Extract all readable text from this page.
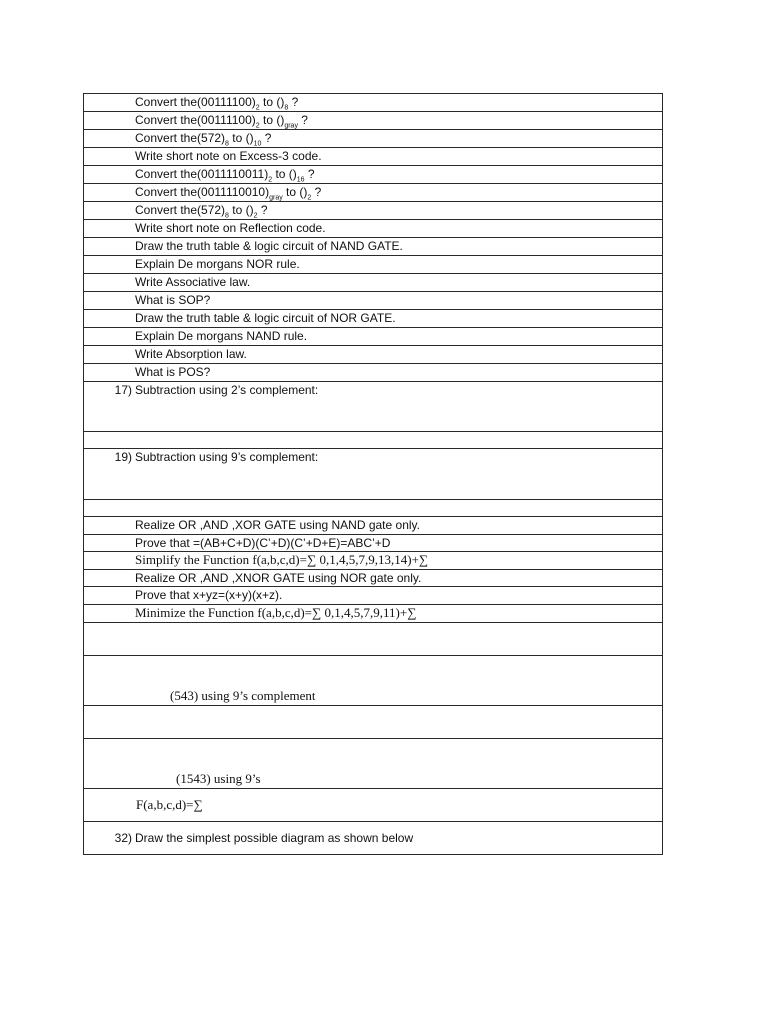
Convert $the(00111100)_2$ to $()_8$ ?

Convert $the(00111100)_2$ to $()_{gray}$ ?

Convert $the(572)_8$ to $()_{10}$ ?

Write short note on Excess-3 code.

Convert $the(0011110011)_2$ to $()_{16}$ ?

Convert $the(0011110010)_{gray}$ to $()_2$ ?

Convert $the(572)_8$ to $()_2$ ?

Write short note on Reflection code.

Draw the truth table & logic circuit of NAND GATE.

Explain De morgans NOR rule.

Write Associative law.

What is SOP?

Draw the truth table & logic circuit of NOR GATE.

Explain De morgans NAND rule.

Write Absorption law.

What is POS?

17) Subtraction using 2’s complement:

19) Subtraction using 9’s complement:

Realize OR ,AND ,XOR GATE using NAND gate only.

Prove that =(AB+C+D)(C’+D)(C’+D+E)=ABC’+D

Simplify the Function f(a,b,c,d)=∑ 0,1,4,5,7,9,13,14)+∑

Realize OR ,AND ,XNOR GATE using NOR gate only.

Prove that x+yz=(x+y)(x+z).

Minimize the Function f(a,b,c,d)=∑ 0,1,4,5,7,9,11)+∑

(543) using 9’s complement

(1543) using 9’s

F(a,b,c,d)=∑

32) Draw the simplest possible diagram as shown below
